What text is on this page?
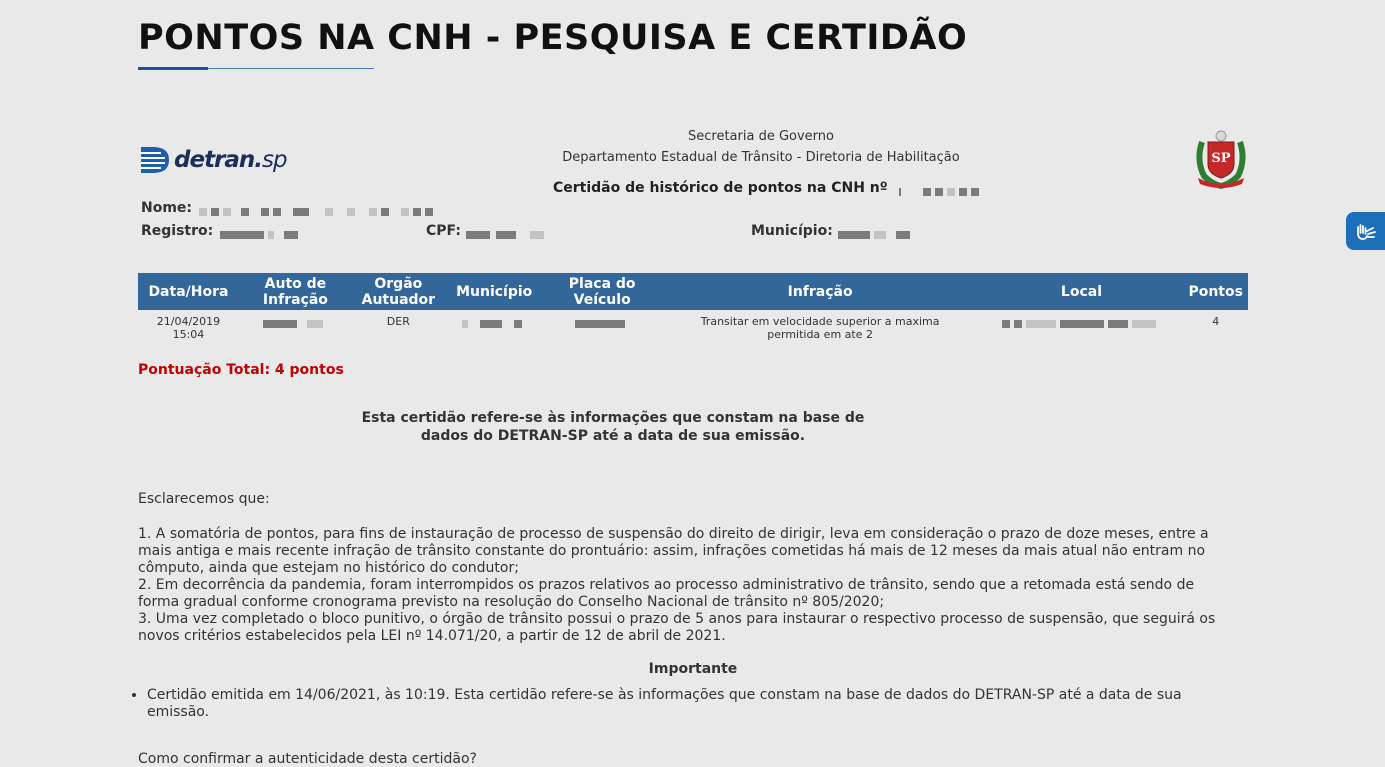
PONTOS NA CNH - PESQUISA E CERTIDÃO
detran.sp
Secretaria de Governo
Departamento Estadual de Trânsito - Diretoria de Habilitação
Certidão de histórico de pontos na CNH nº
SP
Nome:
Registro:	CPF:	Município:
Data/Hora	Auto de Infração	Orgão Autuador	Município	Placa do Veículo	Infração	Local	Pontos

21/04/2019
15:04		DER			Transitar em velocidade superior a maxima permitida em ate 2		4
Pontuação Total: 4 pontos
Esta certidão refere-se às informações que constam na base de dados do DETRAN-SP até a data de sua emissão.
Esclarecemos que:

1. A somatória de pontos, para fins de instauração de processo de suspensão do direito de dirigir, leva em consideração o prazo de doze meses, entre a mais antiga e mais recente infração de trânsito constante do prontuário: assim, infrações cometidas há mais de 12 meses da mais atual não entram no cômputo, ainda que estejam no histórico do condutor;

2. Em decorrência da pandemia, foram interrompidos os prazos relativos ao processo administrativo de trânsito, sendo que a retomada está sendo de forma gradual conforme cronograma previsto na resolução do Conselho Nacional de trânsito nº 805/2020;

3. Uma vez completado o bloco punitivo, o órgão de trânsito possui o prazo de 5 anos para instaurar o respectivo processo de suspensão, que seguirá os novos critérios estabelecidos pela LEI nº 14.071/20, a partir de 12 de abril de 2021.

Importante
• Certidão emitida em 14/06/2021, às 10:19. Esta certidão refere-se às informações que constam na base de dados do DETRAN-SP até a data de sua emissão.
Como confirmar a autenticidade desta certidão?
